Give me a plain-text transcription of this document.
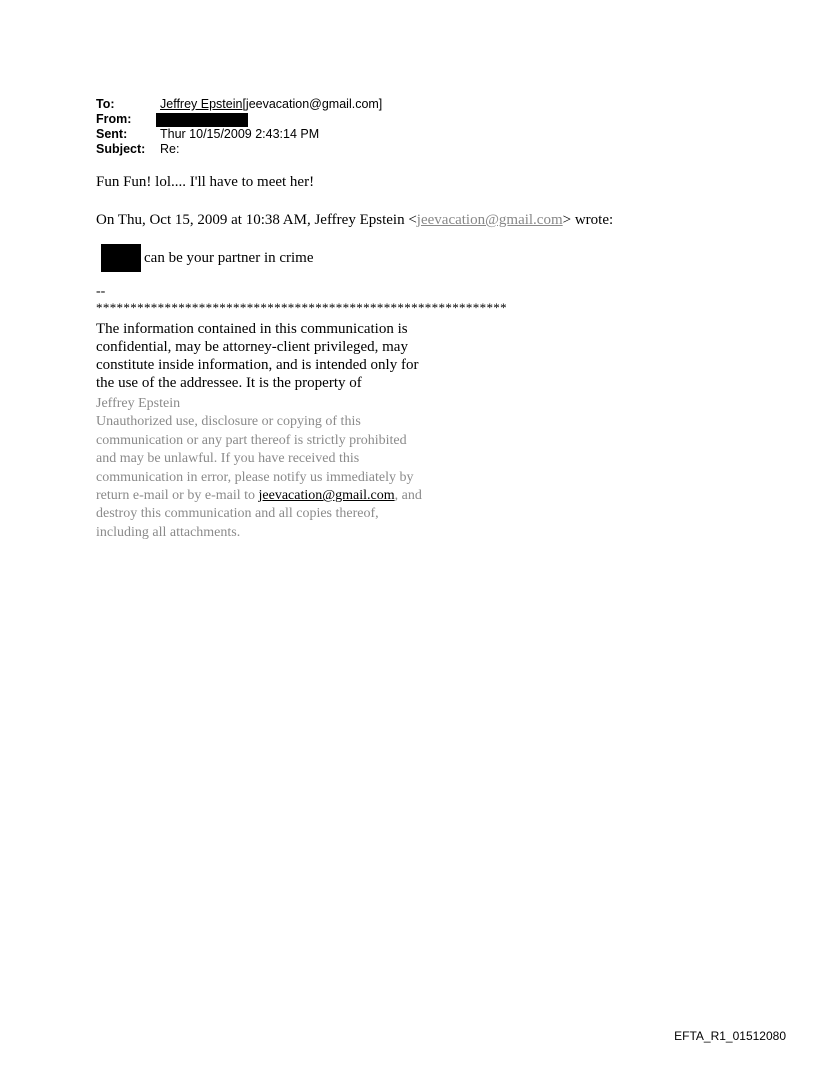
To:	Jeffrey Epstein[jeevacation@gmail.com]
From:
Sent:	Thur 10/15/2009 2:43:14 PM
Subject:	Re:
Fun Fun! lol.... I'll have to meet her!
On Thu, Oct 15, 2009 at 10:38 AM, Jeffrey Epstein <jeevacation@gmail.com> wrote:
can be your partner in crime
--
************************************************************
The information contained in this communication is
confidential, may be attorney-client privileged, may
constitute inside information, and is intended only for
the use of the addressee. It is the property of
Jeffrey Epstein
Unauthorized use, disclosure or copying of this
communication or any part thereof is strictly prohibited
and may be unlawful. If you have received this
communication in error, please notify us immediately by
return e-mail or by e-mail to jeevacation@gmail.com, and
destroy this communication and all copies thereof,
including all attachments.
EFTA_R1_01512080
